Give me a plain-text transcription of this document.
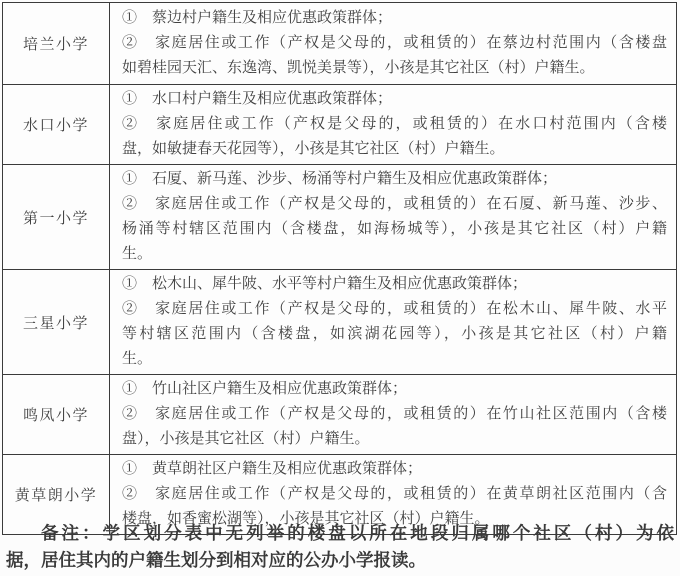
培兰小学	①　蔡边村户籍生及相应优惠政策群体；
②　家庭居住或工作（产权是父母的，或租赁的）在蔡边村范围内（含楼盘
如碧桂园天汇、东逸湾、凯悦美景等），小孩是其它社区（村）户籍生。

水口小学	①　水口村户籍生及相应优惠政策群体；
②　家庭居住或工作（产权是父母的，或租赁的）在水口村范围内（含楼
盘，如敏捷春天花园等），小孩是其它社区（村）户籍生。

第一小学	①　石厦、新马莲、沙步、杨涌等村户籍生及相应优惠政策群体；
②　家庭居住或工作（产权是父母的，或租赁的）在石厦、新马莲、沙步、
杨涌等村辖区范围内（含楼盘，如海杨城等），小孩是其它社区（村）户籍
生。

三星小学	①　松木山、犀牛陂、水平等村户籍生及相应优惠政策群体；
②　家庭居住或工作（产权是父母的，或租赁的）在松木山、犀牛陂、水平
等村辖区范围内（含楼盘，如滨湖花园等），小孩是其它社区（村）户籍
生。

鸣凤小学	①　竹山社区户籍生及相应优惠政策群体；
②　家庭居住或工作（产权是父母的，或租赁的）在竹山社区范围内（含楼
盘），小孩是其它社区（村）户籍生。

黄草朗小学	①　黄草朗社区户籍生及相应优惠政策群体；
②　家庭居住或工作（产权是父母的，或租赁的）在黄草朗社区范围内（含
楼盘，如香蜜松湖等），小孩是其它社区（村）户籍生。
备注：学区划分表中无列举的楼盘以所在地段归属哪个社区（村）为依
据，居住其内的户籍生划分到相对应的公办小学报读。
